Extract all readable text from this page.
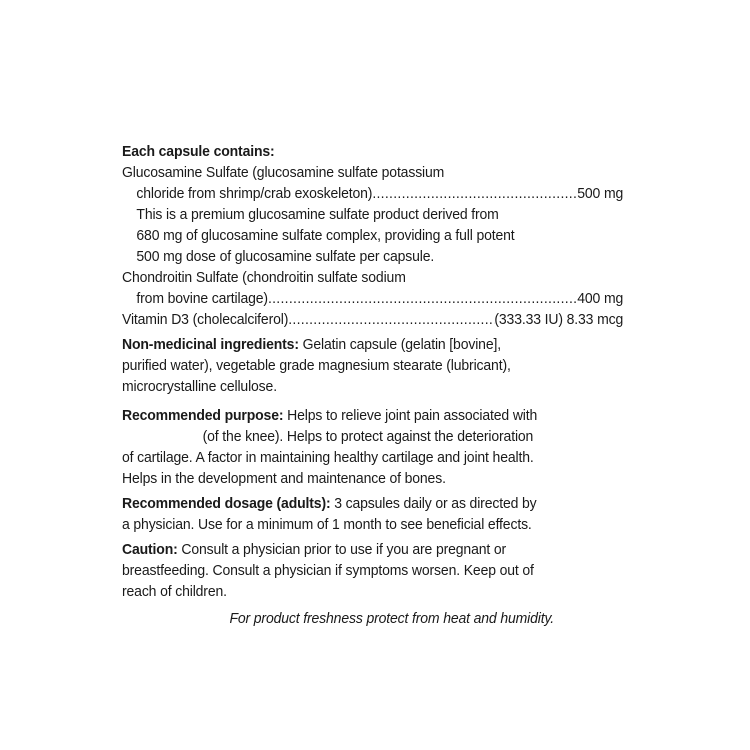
Each capsule contains:
Glucosamine Sulfate (glucosamine sulfate potassium
chloride from shrimp/crab exoskeleton) .....	500 mg
This is a premium glucosamine sulfate product derived from
680 mg of glucosamine sulfate complex, providing a full potent
500 mg dose of glucosamine sulfate per capsule.
Chondroitin Sulfate (chondroitin sulfate sodium
from bovine cartilage) .....	400 mg
Vitamin D3 (cholecalciferol) .....	(333.33 IU) 8.33 mcg
Non-medicinal ingredients: Gelatin capsule (gelatin [bovine],
purified water), vegetable grade magnesium stearate (lubricant),
microcrystalline cellulose.
Recommended purpose: Helps to relieve joint pain associated with
(of the knee). Helps to protect against the deterioration
of cartilage. A factor in maintaining healthy cartilage and joint health.
Helps in the development and maintenance of bones.
Recommended dosage (adults): 3 capsules daily or as directed by
a physician. Use for a minimum of 1 month to see beneficial effects.
Caution: Consult a physician prior to use if you are pregnant or
breastfeeding. Consult a physician if symptoms worsen. Keep out of
reach of children.
For product freshness protect from heat and humidity.
